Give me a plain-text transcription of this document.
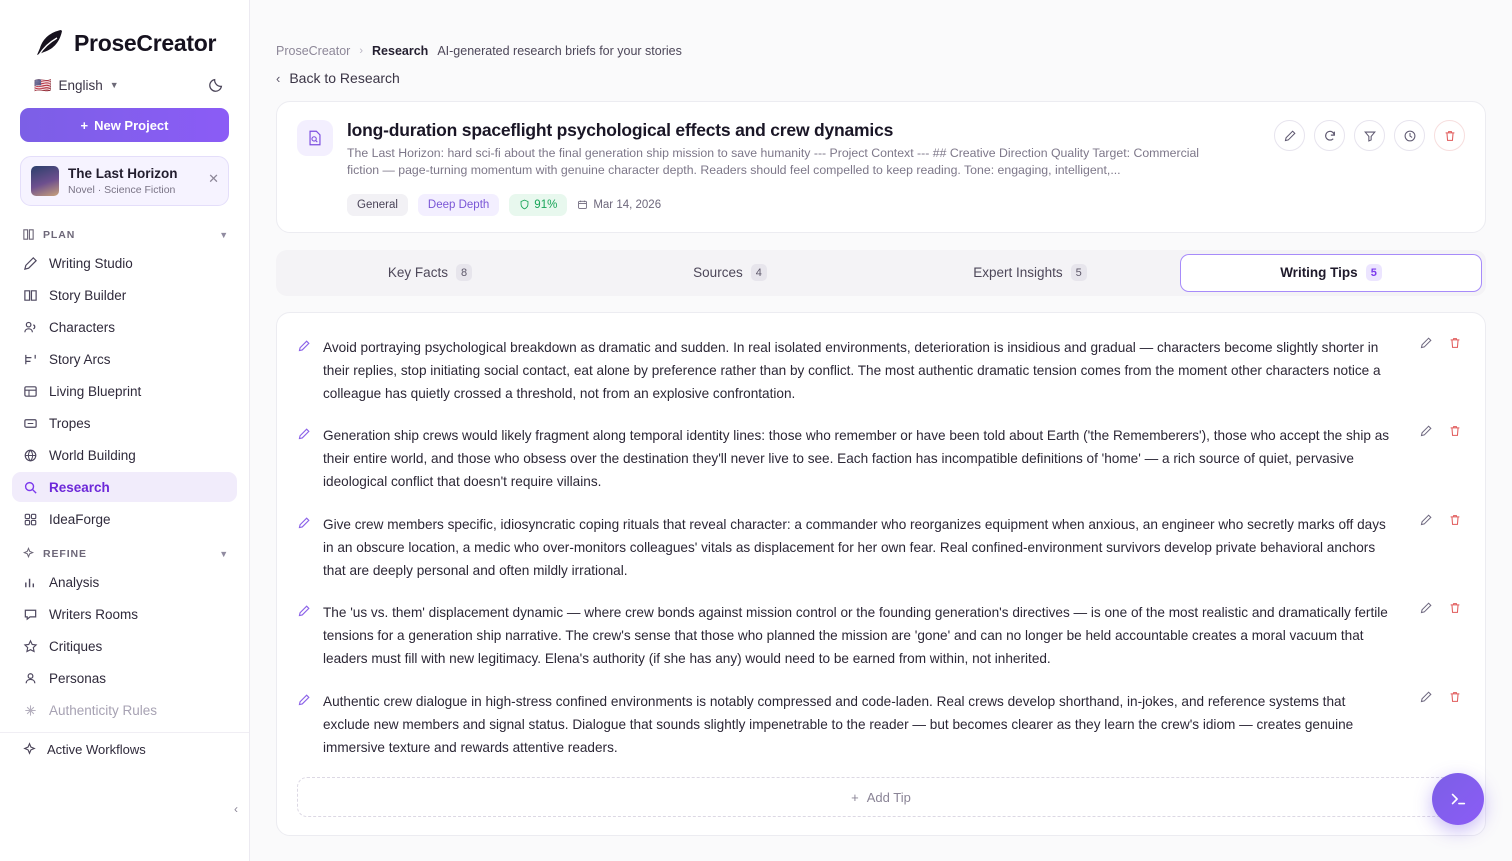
ProseCreator
🇺🇸 English ▼
+ New Project
The Last Horizon
Novel · Science Fiction
✕
PLAN	▼
Writing Studio
Story Builder
Characters
Story Arcs
Living Blueprint
Tropes
World Building
Research
IdeaForge
REFINE	▼
Analysis
Writers Rooms
Critiques
Personas
Authenticity Rules
Active Workflows
‹
ProseCreator › Research AI-generated research briefs for your stories
‹ Back to Research
long-duration spaceflight psychological effects and crew dynamics
The Last Horizon: hard sci-fi about the final generation ship mission to save humanity --- Project Context --- ## Creative Direction Quality Target: Commercial fiction — page-turning momentum with genuine character depth. Readers should feel compelled to keep reading. Tone: engaging, intelligent,...
General	Deep Depth	91%	Mar 14, 2026
Key Facts	8	Sources	4	Expert Insights	5	Writing Tips	5
Avoid portraying psychological breakdown as dramatic and sudden. In real isolated environments, deterioration is insidious and gradual — characters become slightly shorter in their replies, stop initiating social contact, eat alone by preference rather than by conflict. The most authentic dramatic tension comes from the moment other characters notice a colleague has quietly crossed a threshold, not from an explosive confrontation.
Generation ship crews would likely fragment along temporal identity lines: those who remember or have been told about Earth ('the Rememberers'), those who accept the ship as their entire world, and those who obsess over the destination they'll never live to see. Each faction has incompatible definitions of 'home' — a rich source of quiet, pervasive ideological conflict that doesn't require villains.
Give crew members specific, idiosyncratic coping rituals that reveal character: a commander who reorganizes equipment when anxious, an engineer who secretly marks off days in an obscure location, a medic who over-monitors colleagues' vitals as displacement for her own fear. Real confined-environment survivors develop private behavioral anchors that are deeply personal and often mildly irrational.
The 'us vs. them' displacement dynamic — where crew bonds against mission control or the founding generation's directives — is one of the most realistic and dramatically fertile tensions for a generation ship narrative. The crew's sense that those who planned the mission are 'gone' and can no longer be held accountable creates a moral vacuum that leaders must fill with new legitimacy. Elena's authority (if she has any) would need to be earned from within, not inherited.
Authentic crew dialogue in high-stress confined environments is notably compressed and code-laden. Real crews develop shorthand, in-jokes, and reference systems that exclude new members and signal status. Dialogue that sounds slightly impenetrable to the reader — but becomes clearer as they learn the crew's idiom — creates genuine immersive texture and rewards attentive readers.
+ Add Tip
